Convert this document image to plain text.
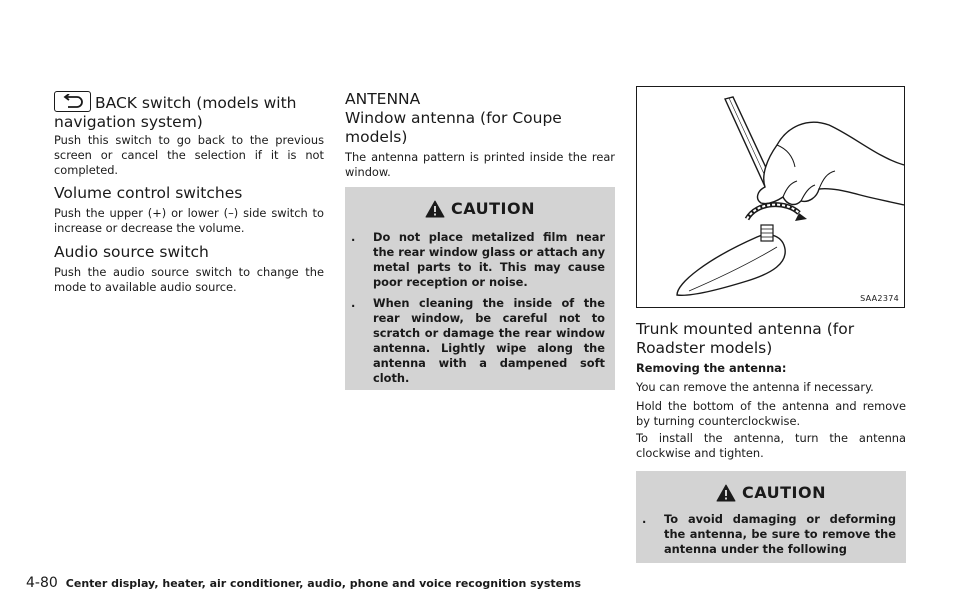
BACK switch (models with navigation system)

Push this switch to go back to the previous screen or cancel the selection if it is not completed.

Volume control switches

Push the upper (+) or lower (–) side switch to increase or decrease the volume.

Audio source switch

Push the audio source switch to change the mode to available audio source.

ANTENNA
Window antenna (for Coupe models)

The antenna pattern is printed inside the rear window.

CAUTION
. Do not place metalized film near the rear window glass or attach any metal parts to it. This may cause poor reception or noise.
. When cleaning the inside of the rear window, be careful not to scratch or damage the rear window antenna. Lightly wipe along the antenna with a dampened soft cloth.
SAA2374
Trunk mounted antenna (for Roadster models)

Removing the antenna:

You can remove the antenna if necessary.

Hold the bottom of the antenna and remove by turning counterclockwise.

To install the antenna, turn the antenna clockwise and tighten.

CAUTION
. To avoid damaging or deforming the antenna, be sure to remove the antenna under the following
4-80 Center display, heater, air conditioner, audio, phone and voice recognition systems
